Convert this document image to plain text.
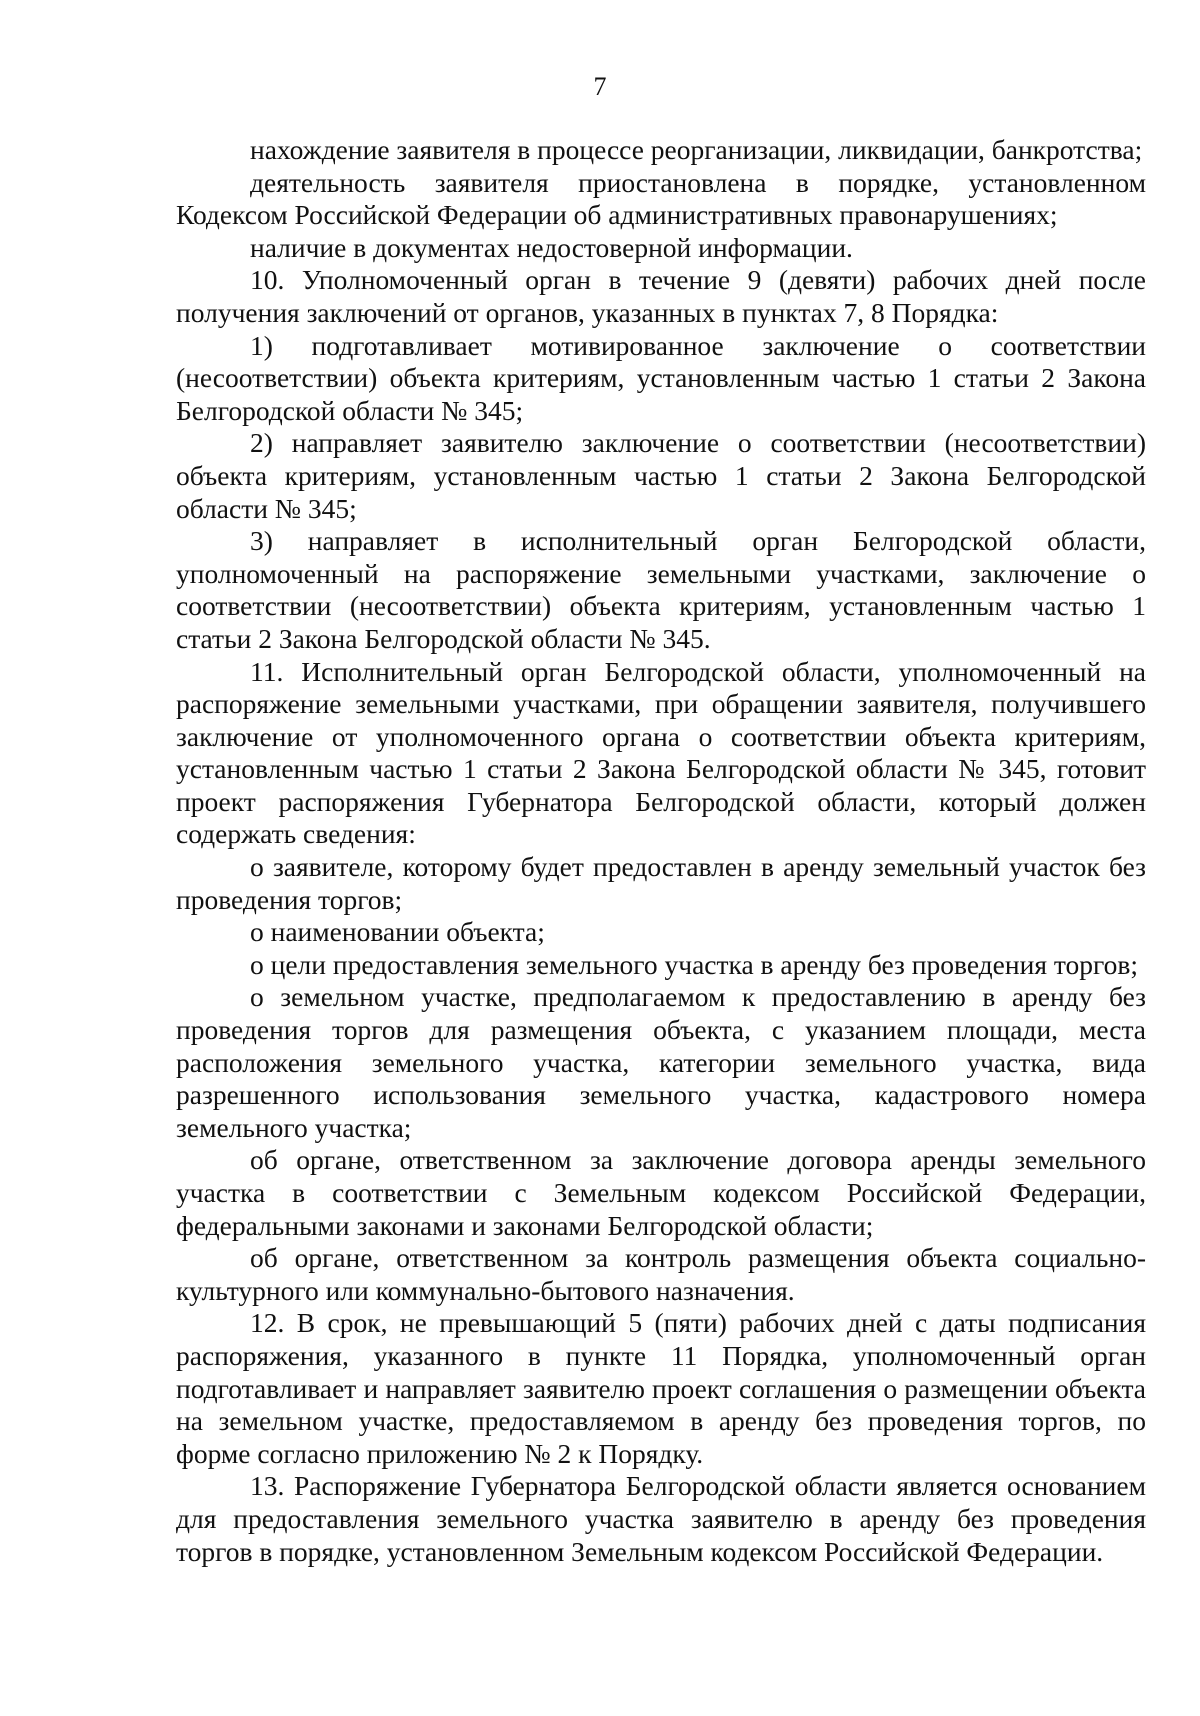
7

нахождение заявителя в процессе реорганизации, ликвидации, банкротства;

деятельность заявителя приостановлена в порядке, установленном Кодексом Российской Федерации об административных правонарушениях;

наличие в документах недостоверной информации.

10. Уполномоченный орган в течение 9 (девяти) рабочих дней после получения заключений от органов, указанных в пунктах 7, 8 Порядка:

1) подготавливает мотивированное заключение о соответствии (несоответствии) объекта критериям, установленным частью 1 статьи 2 Закона Белгородской области № 345;

2) направляет заявителю заключение о соответствии (несоответствии) объекта критериям, установленным частью 1 статьи 2 Закона Белгородской области № 345;

3) направляет в исполнительный орган Белгородской области, уполномоченный на распоряжение земельными участками, заключение о соответствии (несоответствии) объекта критериям, установленным частью 1 статьи 2 Закона Белгородской области № 345.

11. Исполнительный орган Белгородской области, уполномоченный на распоряжение земельными участками, при обращении заявителя, получившего заключение от уполномоченного органа о соответствии объекта критериям, установленным частью 1 статьи 2 Закона Белгородской области № 345, готовит проект распоряжения Губернатора Белгородской области, который должен содержать сведения:

о заявителе, которому будет предоставлен в аренду земельный участок без проведения торгов;

о наименовании объекта;

о цели предоставления земельного участка в аренду без проведения торгов;

о земельном участке, предполагаемом к предоставлению в аренду без проведения торгов для размещения объекта, с указанием площади, места расположения земельного участка, категории земельного участка, вида разрешенного использования земельного участка, кадастрового номера земельного участка;

об органе, ответственном за заключение договора аренды земельного участка в соответствии с Земельным кодексом Российской Федерации, федеральными законами и законами Белгородской области;

об органе, ответственном за контроль размещения объекта социально-культурного или коммунально-бытового назначения.

12. В срок, не превышающий 5 (пяти) рабочих дней с даты подписания распоряжения, указанного в пункте 11 Порядка, уполномоченный орган подготавливает и направляет заявителю проект соглашения о размещении объекта на земельном участке, предоставляемом в аренду без проведения торгов, по форме согласно приложению № 2 к Порядку.

13. Распоряжение Губернатора Белгородской области является основанием для предоставления земельного участка заявителю в аренду без проведения торгов в порядке, установленном Земельным кодексом Российской Федерации.
